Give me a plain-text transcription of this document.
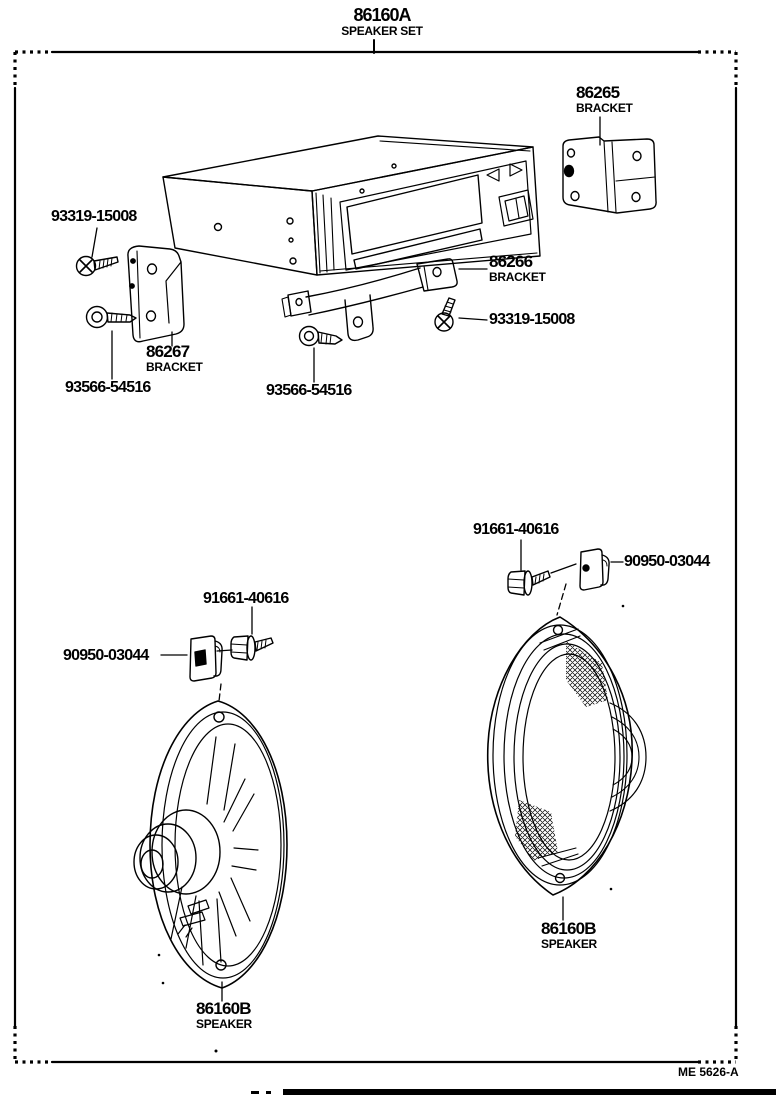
86160A
SPEAKER SET
86265
BRACKET
93319-15008
86267
BRACKET
93566-54516
86266
BRACKET
93319-15008
93566-54516
91661-40616
90950-03044
91661-40616
90950-03044
86160B
SPEAKER
86160B
SPEAKER
ME 5626-A
